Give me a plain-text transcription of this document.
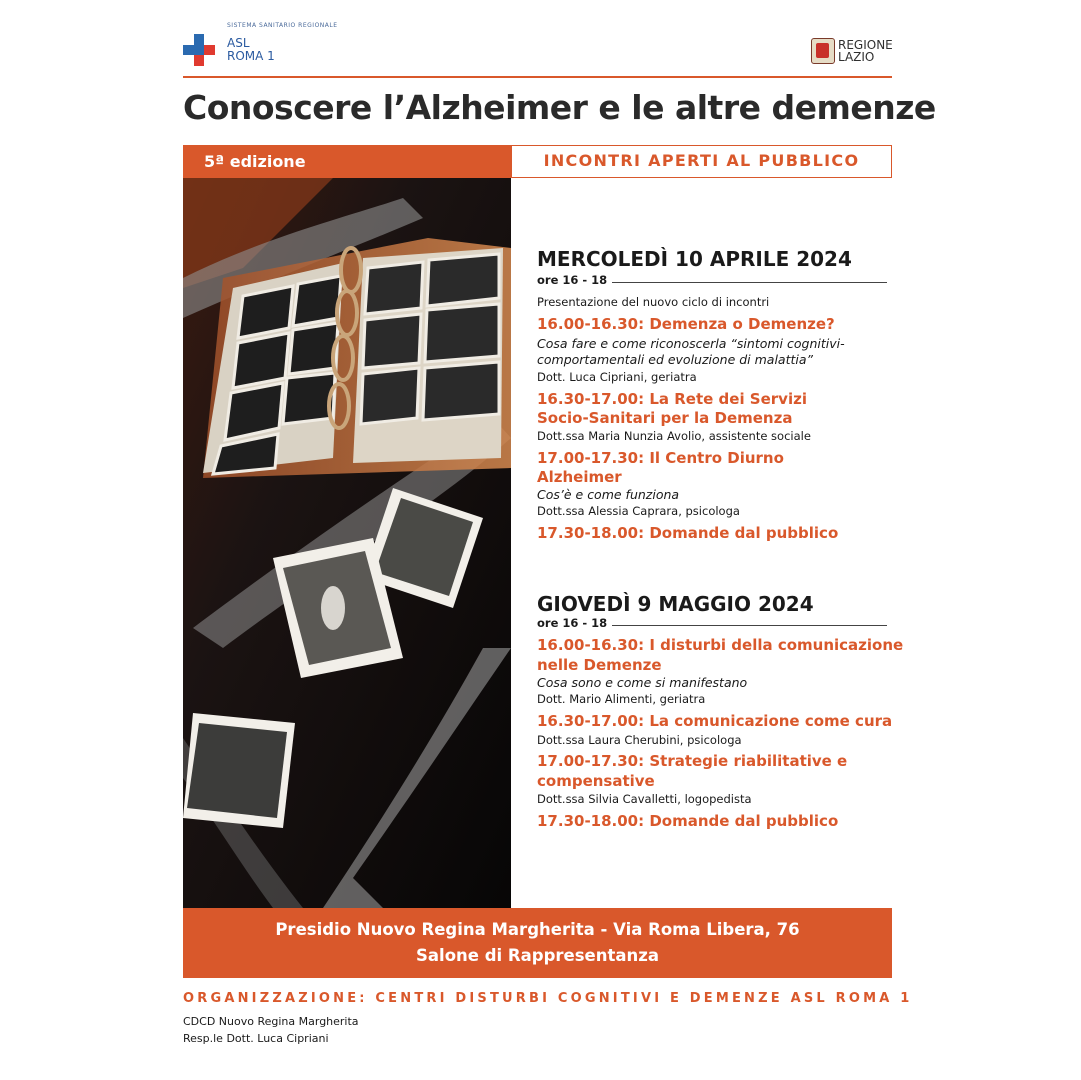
SISTEMA SANITARIO REGIONALE
ASL
ROMA 1
REGIONE
LAZIO
Conoscere l’Alzheimer e le altre demenze
5ª edizione	INCONTRI APERTI AL PUBBLICO
MERCOLEDÌ 10 APRILE 2024
ore 16 - 18
Presentazione del nuovo ciclo di incontri
16.00-16.30: Demenza o Demenze?
Cosa fare e come riconoscerla “sintomi cognitivi-
comportamentali ed evoluzione di malattia”
Dott. Luca Cipriani, geriatra
16.30-17.00: La Rete dei Servizi
Socio-Sanitari per la Demenza
Dott.ssa Maria Nunzia Avolio, assistente sociale
17.00-17.30: Il Centro Diurno
Alzheimer
Cos’è e come funziona
Dott.ssa Alessia Caprara, psicologa
17.30-18.00: Domande dal pubblico
GIOVEDÌ 9 MAGGIO 2024
ore 16 - 18
16.00-16.30: I disturbi della comunicazione
nelle Demenze
Cosa sono e come si manifestano
Dott. Mario Alimenti, geriatra
16.30-17.00: La comunicazione come cura
Dott.ssa Laura Cherubini, psicologa
17.00-17.30: Strategie riabilitative e
compensative
Dott.ssa Silvia Cavalletti, logopedista
17.30-18.00: Domande dal pubblico
Presidio Nuovo Regina Margherita - Via Roma Libera, 76
Salone di Rappresentanza
ORGANIZZAZIONE: CENTRI DISTURBI COGNITIVI E DEMENZE ASL ROMA 1
CDCD Nuovo Regina Margherita
Resp.le Dott. Luca Cipriani
